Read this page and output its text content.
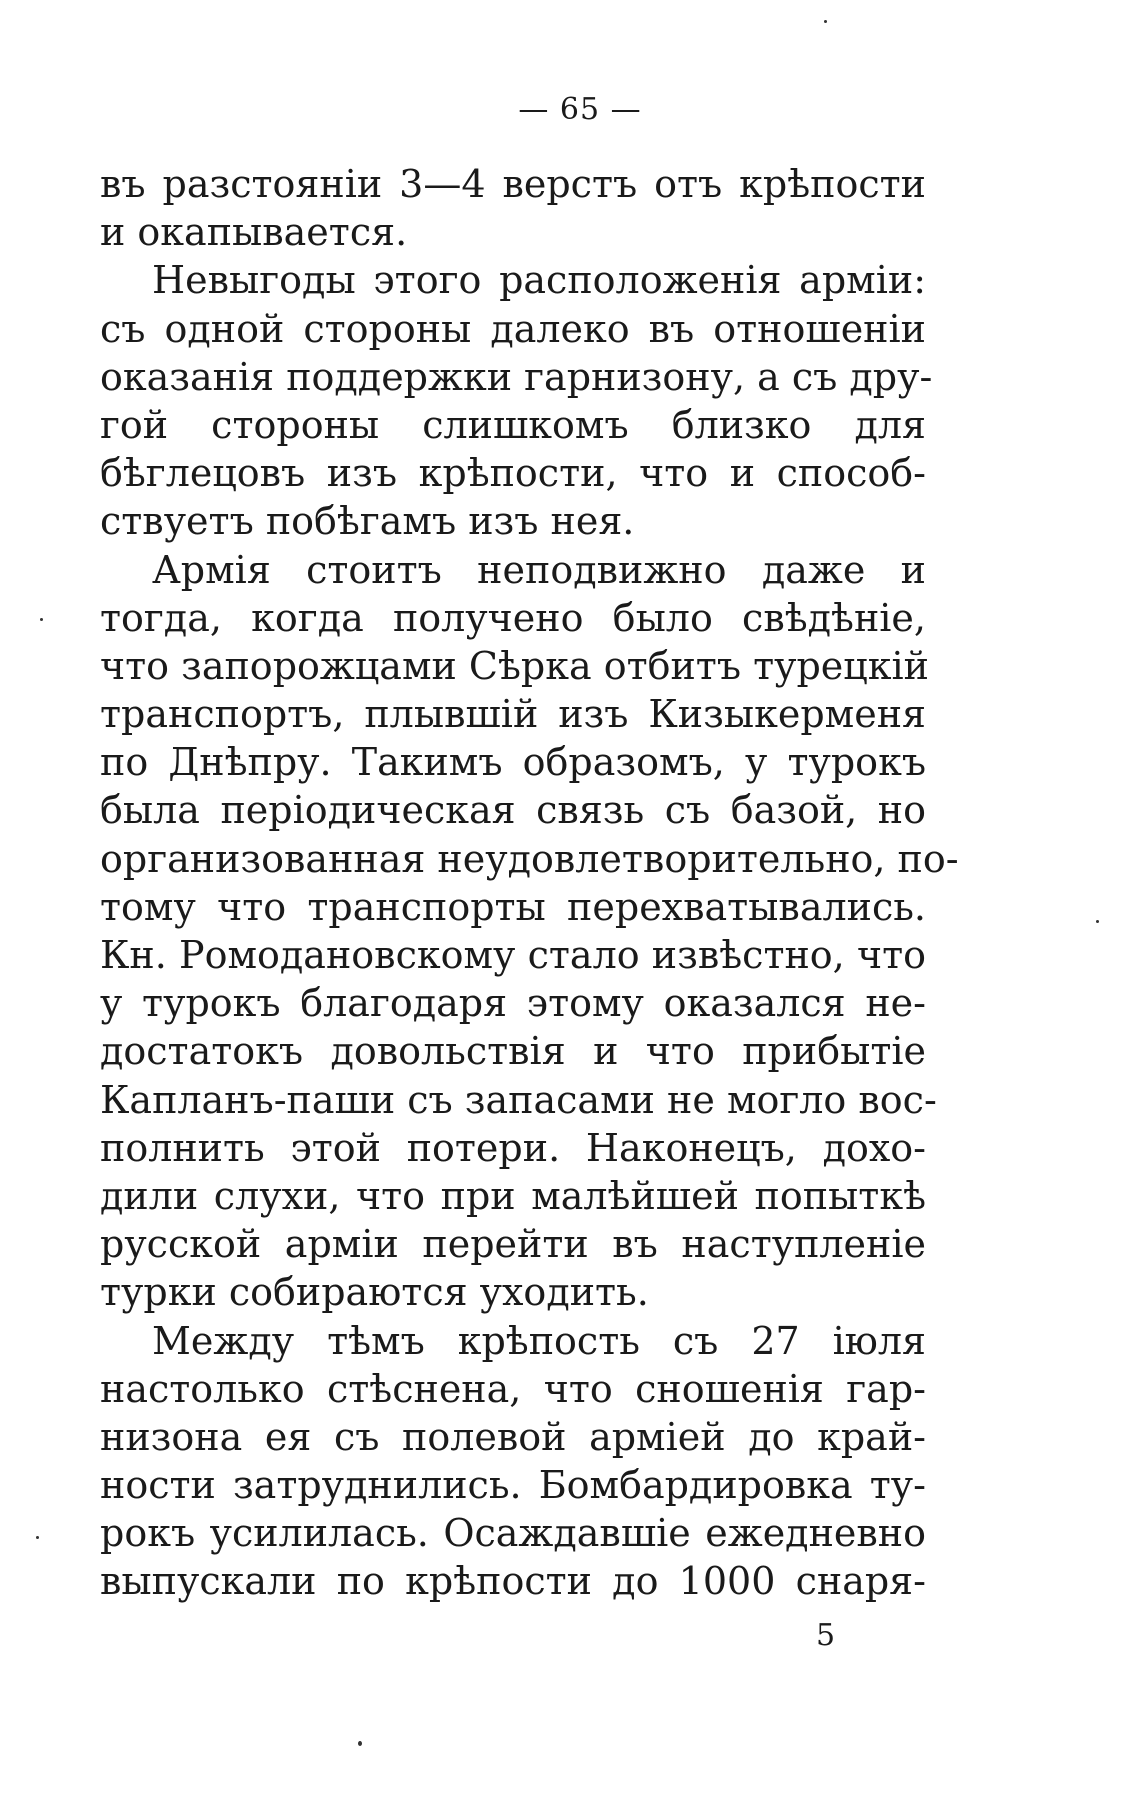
— 65 —
въ разстояніи 3—4 верстъ отъ крѣпости
и окапывается.
Невыгоды этого расположенія арміи:
съ одной стороны далеко въ отношеніи
оказанія поддержки гарнизону, а съ дру-
гой стороны слишкомъ близко для
бѣглецовъ изъ крѣпости, что и способ-
ствуетъ побѣгамъ изъ нея.
Армія стоитъ неподвижно даже и
тогда, когда получено было свѣдѣніе,
что запорожцами Сѣрка отбитъ турецкій
транспортъ, плывшій изъ Кизыкерменя
по Днѣпру. Такимъ образомъ, у турокъ
была періодическая связь съ базой, но
организованная неудовлетворительно, по-
тому что транспорты перехватывались.
Кн. Ромодановскому стало извѣстно, что
у турокъ благодаря этому оказался не-
достатокъ довольствія и что прибытіе
Капланъ-паши съ запасами не могло вос-
полнить этой потери. Наконецъ, дохо-
дили слухи, что при малѣйшей попыткѣ
русской арміи перейти въ наступленіе
турки собираются уходить.
Между тѣмъ крѣпость съ 27 іюля
настолько стѣснена, что сношенія гар-
низона ея съ полевой арміей до край-
ности затруднились. Бомбардировка ту-
рокъ усилилась. Осаждавшіе ежедневно
выпускали по крѣпости до 1000 снаря-
5
